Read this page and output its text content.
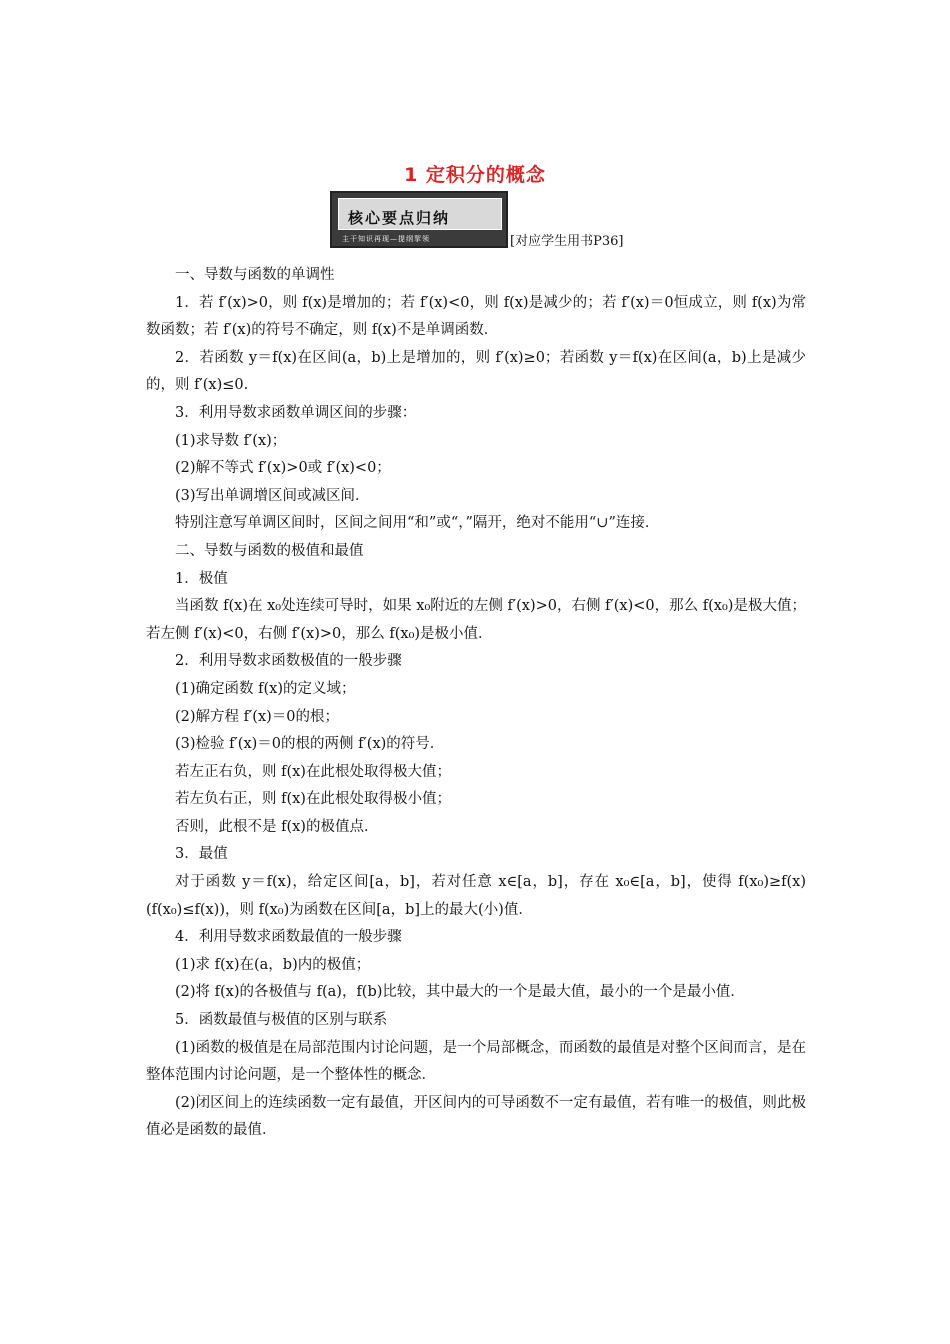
1 定积分的概念
核心要点归纳
主干知识再现—提纲挈领	[对应学生用书P36]

一、导数与函数的单调性

1．若 f′(x)>0，则 f(x)是增加的；若 f′(x)<0，则 f(x)是减少的；若 f′(x)＝0恒成立，则 f(x)为常数函数；若 f′(x)的符号不确定，则 f(x)不是单调函数．

2．若函数 y＝f(x)在区间(a，b)上是增加的，则 f′(x)≥0；若函数 y＝f(x)在区间(a，b)上是减少的，则 f′(x)≤0.

3．利用导数求函数单调区间的步骤：

(1)求导数 f′(x)；

(2)解不等式 f′(x)>0或 f′(x)<0；

(3)写出单调增区间或减区间．

特别注意写单调区间时，区间之间用“和”或“，”隔开，绝对不能用“∪”连接．

二、导数与函数的极值和最值

1．极值

当函数 f(x)在 x₀处连续可导时，如果 x₀附近的左侧 f′(x)>0，右侧 f′(x)<0，那么 f(x₀)是极大值；若左侧 f′(x)<0，右侧 f′(x)>0，那么 f(x₀)是极小值．

2．利用导数求函数极值的一般步骤

(1)确定函数 f(x)的定义域；

(2)解方程 f′(x)＝0的根；

(3)检验 f′(x)＝0的根的两侧 f′(x)的符号．

若左正右负，则 f(x)在此根处取得极大值；

若左负右正，则 f(x)在此根处取得极小值；

否则，此根不是 f(x)的极值点．

3．最值

对于函数 y＝f(x)，给定区间[a，b]，若对任意 x∈[a，b]，存在 x₀∈[a，b]，使得 f(x₀)≥f(x)(f(x₀)≤f(x))，则 f(x₀)为函数在区间[a，b]上的最大(小)值．

4．利用导数求函数最值的一般步骤

(1)求 f(x)在(a，b)内的极值；

(2)将 f(x)的各极值与 f(a)，f(b)比较，其中最大的一个是最大值，最小的一个是最小值．

5．函数最值与极值的区别与联系

(1)函数的极值是在局部范围内讨论问题，是一个局部概念，而函数的最值是对整个区间而言，是在整体范围内讨论问题，是一个整体性的概念．

(2)闭区间上的连续函数一定有最值，开区间内的可导函数不一定有最值，若有唯一的极值，则此极值必是函数的最值．
